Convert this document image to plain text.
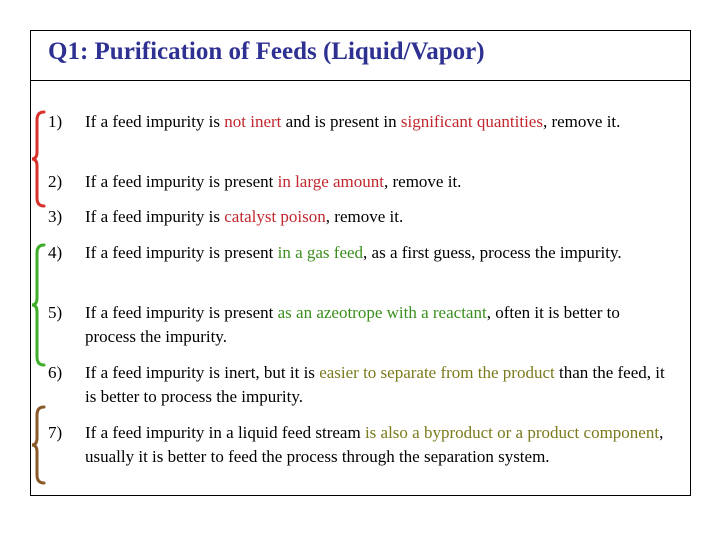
Q1: Purification of Feeds (Liquid/Vapor)
1)	If a feed impurity is not inert and is present in significant quantities, remove it.
2)	If a feed impurity is present in large amount, remove it.
3)	If a feed impurity is catalyst poison, remove it.
4)	If a feed impurity is present in a gas feed, as a first guess, process the impurity.
5)	If a feed impurity is present as an azeotrope with a reactant, often it is better to process the impurity.
6)	If a feed impurity is inert, but it is easier to separate from the product than the feed, it is better to process the impurity.
7)	If a feed impurity in a liquid feed stream is also a byproduct or a product component, usually it is better to feed the process through the separation system.
